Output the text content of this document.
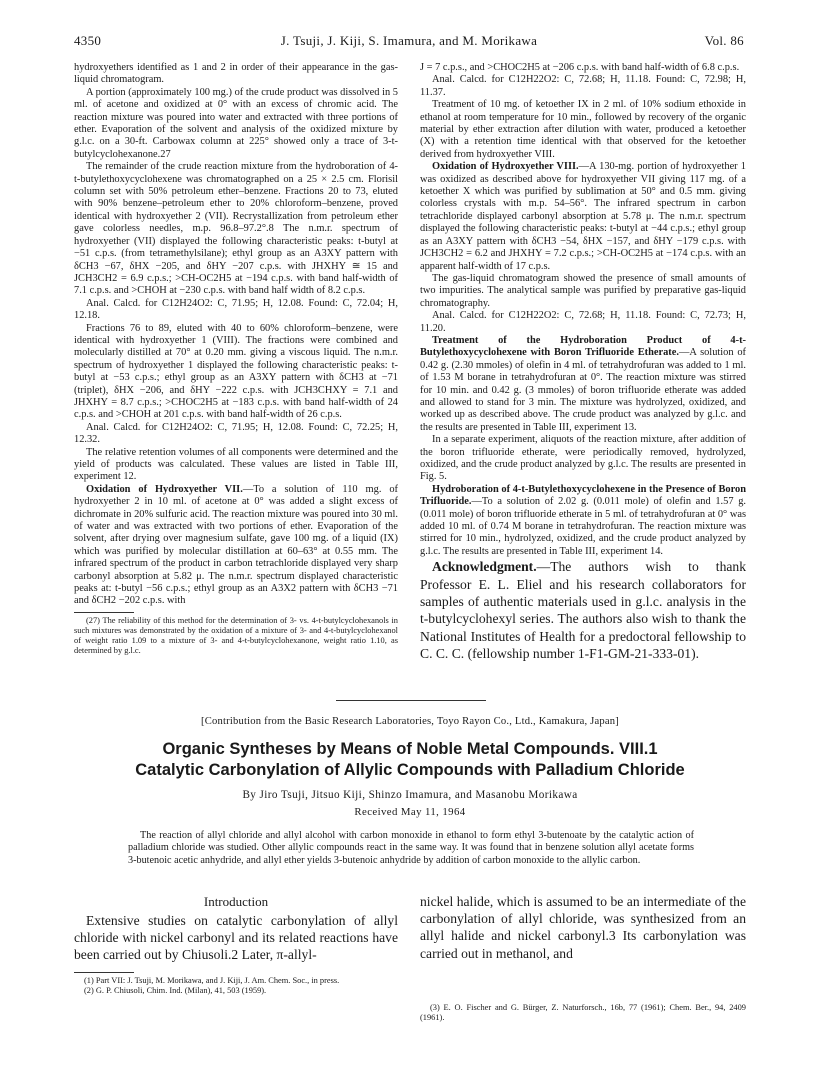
4350	J. Tsuji, J. Kiji, S. Imamura, and M. Morikawa	Vol. 86

hydroxyethers identified as 1 and 2 in order of their appearance in the gas-liquid chromatogram.

A portion (approximately 100 mg.) of the crude product was dissolved in 5 ml. of acetone and oxidized at 0° with an excess of chromic acid. The reaction mixture was poured into water and extracted with three portions of ether. Evaporation of the solvent and analysis of the oxidized mixture by g.l.c. on a 30-ft. Carbowax column at 225° showed only a trace of 3-t-butylcyclohexanone.27

The remainder of the crude reaction mixture from the hydroboration of 4-t-butylethoxycyclohexene was chromatographed on a 25 × 2.5 cm. Florisil column set with 50% petroleum ether–benzene. Fractions 20 to 73, eluted with 90% benzene–petroleum ether to 20% chloroform–benzene, proved identical with hydroxyether 2 (VII). Recrystallization from petroleum ether gave colorless needles, m.p. 96.8–97.2°.8 The n.m.r. spectrum of hydroxyether (VII) displayed the following characteristic peaks: t-butyl at −51 c.p.s. (from tetramethylsilane); ethyl group as an A3XY pattern with δCH3 −67, δHX −205, and δHY −207 c.p.s. with JHXHY ≅ 15 and JCH3CH2 = 6.9 c.p.s.; >CH-OC2H5 at −194 c.p.s. with band half-width of 7.1 c.p.s. and >CHOH at −230 c.p.s. with band half width of 8.2 c.p.s.

Anal. Calcd. for C12H24O2: C, 71.95; H, 12.08. Found: C, 72.04; H, 12.18.

Fractions 76 to 89, eluted with 40 to 60% chloroform–benzene, were identical with hydroxyether 1 (VIII). The fractions were combined and molecularly distilled at 70° at 0.20 mm. giving a viscous liquid. The n.m.r. spectrum of hydroxyether 1 displayed the following characteristic peaks: t-butyl at −53 c.p.s.; ethyl group as an A3XY pattern with δCH3 at −71 (triplet), δHX −206, and δHY −222 c.p.s. with JCH3CHXY = 7.1 and JHXHY = 8.7 c.p.s.; >CHOC2H5 at −183 c.p.s. with band half-width of 24 c.p.s. and >CHOH at 201 c.p.s. with band half-width of 26 c.p.s.

Anal. Calcd. for C12H24O2: C, 71.95; H, 12.08. Found: C, 72.25; H, 12.32.

The relative retention volumes of all components were determined and the yield of products was calculated. These values are listed in Table III, experiment 12.

Oxidation of Hydroxyether VII.—To a solution of 110 mg. of hydroxyether 2 in 10 ml. of acetone at 0° was added a slight excess of dichromate in 20% sulfuric acid. The reaction mixture was poured into 30 ml. of water and was extracted with two portions of ether. Evaporation of the solvent, after drying over magnesium sulfate, gave 100 mg. of a liquid (IX) which was purified by molecular distillation at 60–63° at 0.55 mm. The infrared spectrum of the product in carbon tetrachloride displayed very sharp carbonyl absorption at 5.82 μ. The n.m.r. spectrum displayed characteristic peaks at: t-butyl −56 c.p.s.; ethyl group as an A3X2 pattern with δCH3 −71 and δCH2 −202 c.p.s. with

(27) The reliability of this method for the determination of 3- vs. 4-t-butylcyclohexanols in such mixtures was demonstrated by the oxidation of a mixture of 3- and 4-t-butylcyclohexanol of weight ratio 1.09 to a mixture of 3- and 4-t-butylcyclohexanone, weight ratio 1.10, as determined by g.l.c.

J = 7 c.p.s., and >CHOC2H5 at −206 c.p.s. with band half-width of 6.8 c.p.s.

Anal. Calcd. for C12H22O2: C, 72.68; H, 11.18. Found: C, 72.98; H, 11.37.

Treatment of 10 mg. of ketoether IX in 2 ml. of 10% sodium ethoxide in ethanol at room temperature for 10 min., followed by recovery of the organic material by ether extraction after dilution with water, produced a ketoether (X) with a retention time identical with that observed for the ketoether derived from hydroxyether VIII.

Oxidation of Hydroxyether VIII.—A 130-mg. portion of hydroxyether 1 was oxidized as described above for hydroxyether VII giving 117 mg. of a ketoether X which was purified by sublimation at 50° and 0.5 mm. giving colorless crystals with m.p. 54–56°. The infrared spectrum in carbon tetrachloride displayed carbonyl absorption at 5.78 μ. The n.m.r. spectrum displayed the following characteristic peaks: t-butyl at −44 c.p.s.; ethyl group as an A3XY pattern with δCH3 −54, δHX −157, and δHY −179 c.p.s. with JCH3CH2 = 6.2 and JHXHY = 7.2 c.p.s.; >CH-OC2H5 at −174 c.p.s. with an apparent half-width of 17 c.p.s.

The gas-liquid chromatogram showed the presence of small amounts of two impurities. The analytical sample was purified by preparative gas-liquid chromatography.

Anal. Calcd. for C12H22O2: C, 72.68; H, 11.18. Found: C, 72.73; H, 11.20.

Treatment of the Hydroboration Product of 4-t-Butylethoxycyclohexene with Boron Trifluoride Etherate.—A solution of 0.42 g. (2.30 mmoles) of olefin in 4 ml. of tetrahydrofuran was added to 1 ml. of 1.53 M borane in tetrahydrofuran at 0°. The reaction mixture was stirred for 10 min. and 0.42 g. (3 mmoles) of boron trifluoride etherate was added and allowed to stand for 3 min. The mixture was hydrolyzed, oxidized, and worked up as described above. The crude product was analyzed by g.l.c. and the results are presented in Table III, experiment 13.

In a separate experiment, aliquots of the reaction mixture, after addition of the boron trifluoride etherate, were periodically removed, hydrolyzed, oxidized, and the crude product analyzed by g.l.c. The results are presented in Fig. 5.

Hydroboration of 4-t-Butylethoxycyclohexene in the Presence of Boron Trifluoride.—To a solution of 2.02 g. (0.011 mole) of olefin and 1.57 g. (0.011 mole) of boron trifluoride etherate in 5 ml. of tetrahydrofuran at 0° was added 10 ml. of 0.74 M borane in tetrahydrofuran. The reaction mixture was stirred for 10 min., hydrolyzed, oxidized, and the crude product analyzed by g.l.c. The results are presented in Table III, experiment 14.

Acknowledgment.—The authors wish to thank Professor E. L. Eliel and his research collaborators for samples of authentic materials used in g.l.c. analysis in the t-butylcyclohexyl series. The authors also wish to thank the National Institutes of Health for a predoctoral fellowship to C. C. C. (fellowship number 1-F1-GM-21-333-01).

[Contribution from the Basic Research Laboratories, Toyo Rayon Co., Ltd., Kamakura, Japan]
Organic Syntheses by Means of Noble Metal Compounds. VIII.1
Catalytic Carbonylation of Allylic Compounds with Palladium Chloride
By Jiro Tsuji, Jitsuo Kiji, Shinzo Imamura, and Masanobu Morikawa
Received May 11, 1964
The reaction of allyl chloride and allyl alcohol with carbon monoxide in ethanol to form ethyl 3-butenoate by the catalytic action of palladium chloride was studied. Other allylic compounds react in the same way. It was found that in benzene solution allyl acetate forms 3-butenoic acetic anhydride, and allyl ether yields 3-butenoic anhydride by addition of carbon monoxide to the allylic carbon.
Introduction
Extensive studies on catalytic carbonylation of allyl chloride with nickel carbonyl and its related reactions have been carried out by Chiusoli.2 Later, π-allyl-
nickel halide, which is assumed to be an intermediate of the carbonylation of allyl chloride, was synthesized from an allyl halide and nickel carbonyl.3 Its carbonylation was carried out in methanol, and

(1) Part VII: J. Tsuji, M. Morikawa, and J. Kiji, J. Am. Chem. Soc., in press.

(2) G. P. Chiusoli, Chim. Ind. (Milan), 41, 503 (1959).

(3) E. O. Fischer and G. Bürger, Z. Naturforsch., 16b, 77 (1961); Chem. Ber., 94, 2409 (1961).
